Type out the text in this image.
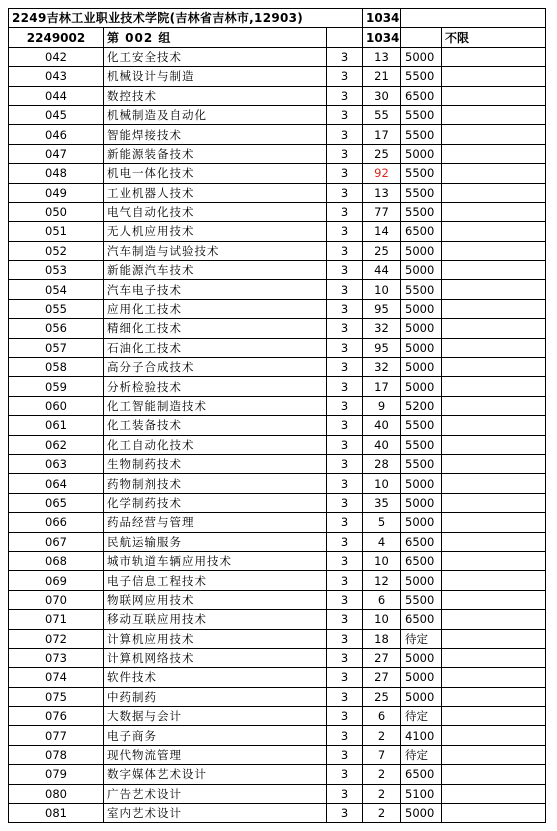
2249吉林工业职业技术学院(吉林省吉林市,12903)			1034		
2249002	第 002 组		1034		不限
042	化工安全技术	3	13	5000	
043	机械设计与制造	3	21	5500	
044	数控技术	3	30	6500	
045	机械制造及自动化	3	55	5500	
046	智能焊接技术	3	17	5500	
047	新能源装备技术	3	25	5000	
048	机电一体化技术	3	92	5500	
049	工业机器人技术	3	13	5500	
050	电气自动化技术	3	77	5500	
051	无人机应用技术	3	14	6500	
052	汽车制造与试验技术	3	25	5000	
053	新能源汽车技术	3	44	5000	
054	汽车电子技术	3	10	5500	
055	应用化工技术	3	95	5000	
056	精细化工技术	3	32	5000	
057	石油化工技术	3	95	5000	
058	高分子合成技术	3	32	5000	
059	分析检验技术	3	17	5000	
060	化工智能制造技术	3	9	5200	
061	化工装备技术	3	40	5500	
062	化工自动化技术	3	40	5500	
063	生物制药技术	3	28	5500	
064	药物制剂技术	3	10	5000	
065	化学制药技术	3	35	5000	
066	药品经营与管理	3	5	5000	
067	民航运输服务	3	4	6500	
068	城市轨道车辆应用技术	3	10	6500	
069	电子信息工程技术	3	12	5000	
070	物联网应用技术	3	6	5500	
071	移动互联应用技术	3	10	6500	
072	计算机应用技术	3	18	待定	
073	计算机网络技术	3	27	5000	
074	软件技术	3	27	5000	
075	中药制药	3	25	5000	
076	大数据与会计	3	6	待定	
077	电子商务	3	2	4100	
078	现代物流管理	3	7	待定	
079	数字媒体艺术设计	3	2	6500	
080	广告艺术设计	3	2	5100	
081	室内艺术设计	3	2	5000	
